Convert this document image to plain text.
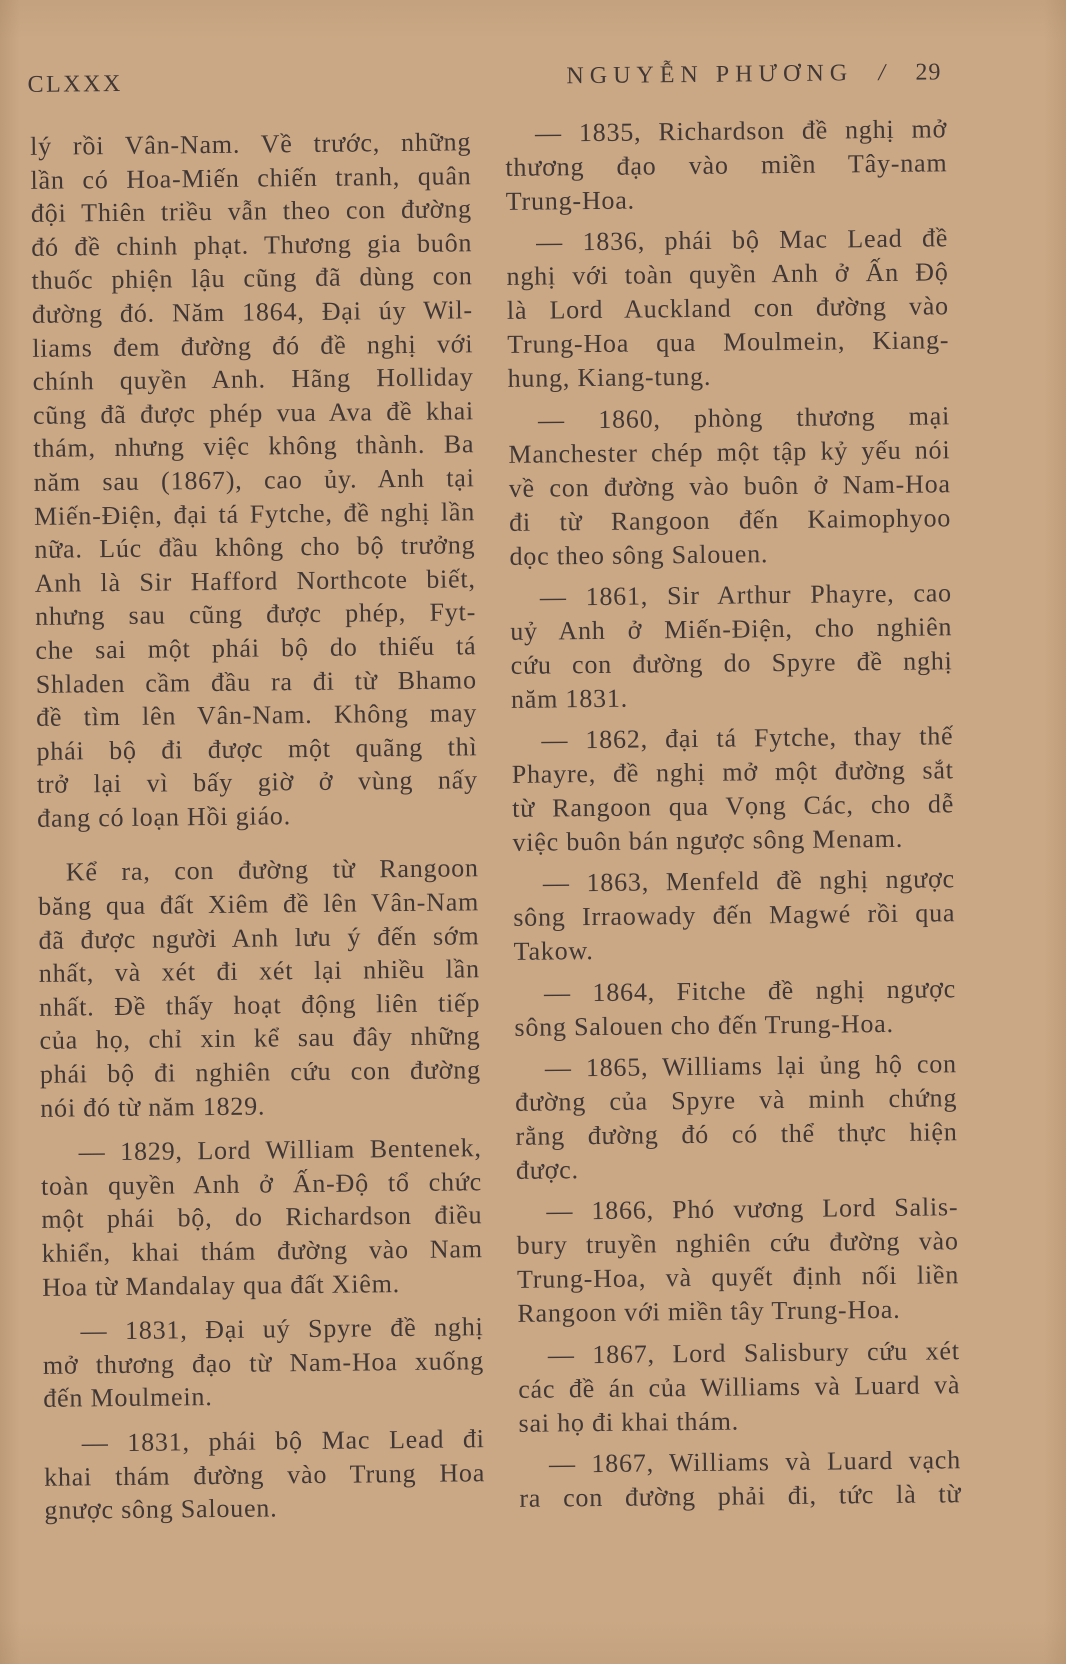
CLXXX	NGUYỄN PHƯƠNG / 29
lý rồi Vân-Nam. Về trước, những
lần có Hoa-Miến chiến tranh, quân
đội Thiên triều vẫn theo con đường
đó đề chinh phạt. Thương gia buôn
thuốc phiện lậu cũng đã dùng con
đường đó. Năm 1864, Đại úy Wil-
liams đem đường đó đề nghị với
chính quyền Anh. Hãng Holliday
cũng đã được phép vua Ava đề khai
thám, nhưng việc không thành. Ba
năm sau (1867), cao ủy. Anh tại
Miến-Điện, đại tá Fytche, đề nghị lần
nữa. Lúc đầu không cho bộ trưởng
Anh là Sir Hafford Northcote biết,
nhưng sau cũng được phép, Fyt-
che sai một phái bộ do thiếu tá
Shladen cầm đầu ra đi từ Bhamo
đề tìm lên Vân-Nam. Không may
phái bộ đi được một quãng thì
trở lại vì bấy giờ ở vùng nấy
đang có loạn Hồi giáo.
Kể ra, con đường từ Rangoon
băng qua đất Xiêm đề lên Vân-Nam
đã được người Anh lưu ý đến sớm
nhất, và xét đi xét lại nhiều lần
nhất. Đề thấy hoạt động liên tiếp
của họ, chỉ xin kể sau đây những
phái bộ đi nghiên cứu con đường
nói đó từ năm 1829.
— 1829, Lord William Bentenek,
toàn quyền Anh ở Ấn-Độ tổ chức
một phái bộ, do Richardson điều
khiển, khai thám đường vào Nam
Hoa từ Mandalay qua đất Xiêm.
— 1831, Đại uý Spyre đề nghị
mở thương đạo từ Nam-Hoa xuống
đến Moulmein.
— 1831, phái bộ Mac Lead đi
khai thám đường vào Trung Hoa
gnược sông Salouen.
— 1835, Richardson đề nghị mở
thương đạo vào miền Tây-nam
Trung-Hoa.
— 1836, phái bộ Mac Lead đề
nghị với toàn quyền Anh ở Ấn Độ
là Lord Auckland con đường vào
Trung-Hoa qua Moulmein, Kiang-
hung, Kiang-tung.
— 1860, phòng thương mại
Manchester chép một tập kỷ yếu nói
về con đường vào buôn ở Nam-Hoa
đi từ Rangoon đến Kaimophyoo
dọc theo sông Salouen.
— 1861, Sir Arthur Phayre, cao
uỷ Anh ở Miến-Điện, cho nghiên
cứu con đường do Spyre đề nghị
năm 1831.
— 1862, đại tá Fytche, thay thế
Phayre, đề nghị mở một đường sắt
từ Rangoon qua Vọng Các, cho dễ
việc buôn bán ngược sông Menam.
— 1863, Menfeld đề nghị ngược
sông Irraowady đến Magwé rồi qua
Takow.
— 1864, Fitche đề nghị ngược
sông Salouen cho đến Trung-Hoa.
— 1865, Williams lại ủng hộ con
đường của Spyre và minh chứng
rằng đường đó có thể thực hiện
được.
— 1866, Phó vương Lord Salis-
bury truyền nghiên cứu đường vào
Trung-Hoa, và quyết định nối liền
Rangoon với miền tây Trung-Hoa.
— 1867, Lord Salisbury cứu xét
các đề án của Williams và Luard và
sai họ đi khai thám.
— 1867, Williams và Luard vạch
ra con đường phải đi, tức là từ
